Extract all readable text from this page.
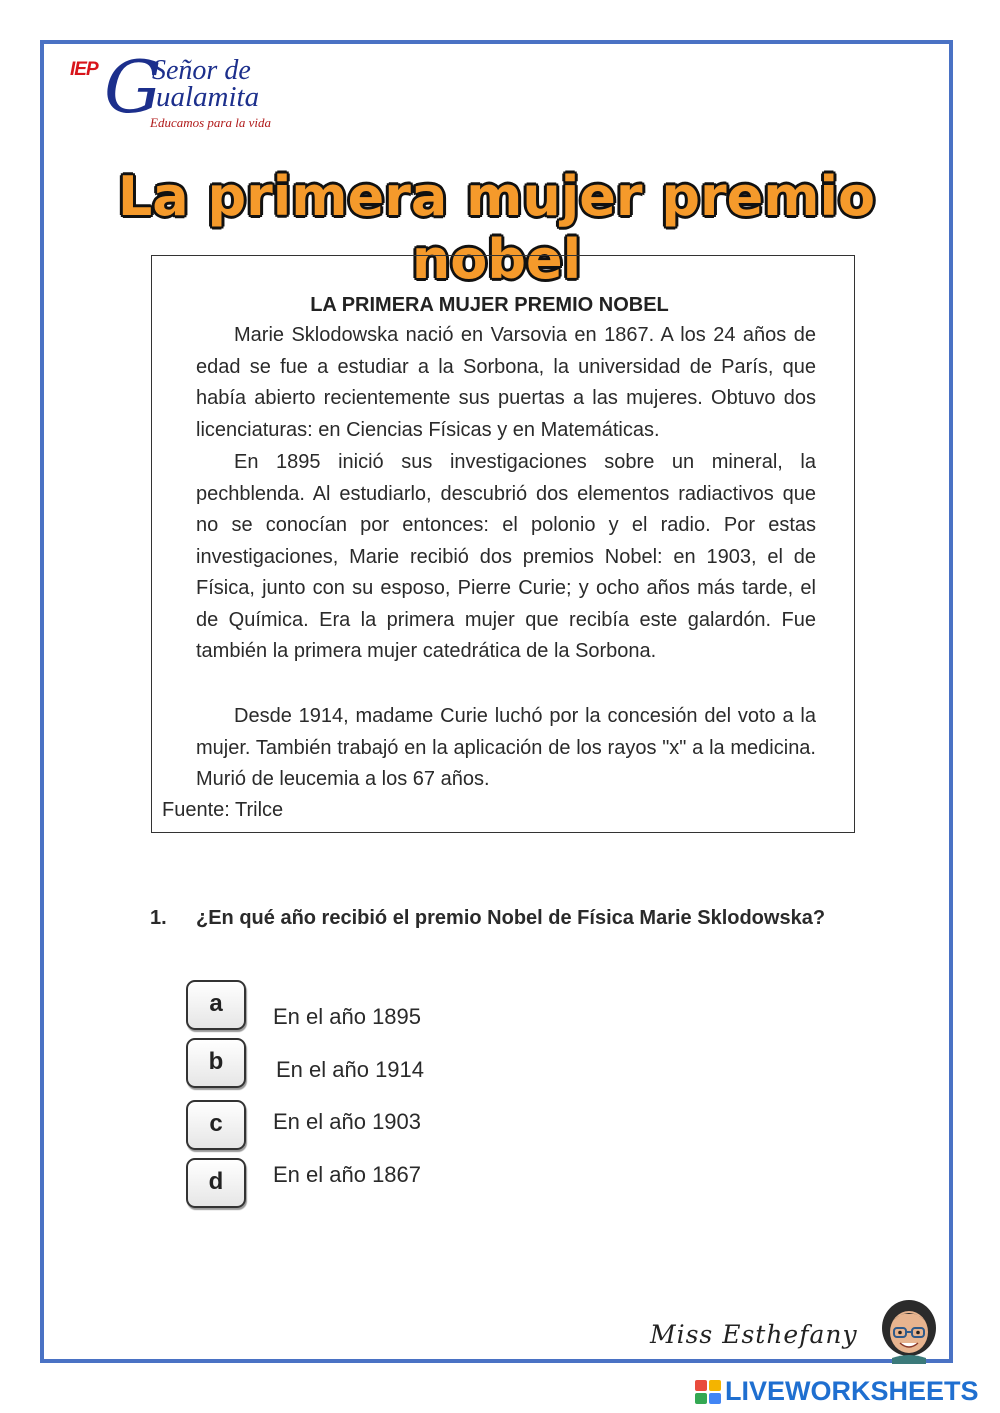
IEP G
Señor de
ualamita
Educamos para la vida
La primera mujer premio nobel
LA PRIMERA MUJER PREMIO NOBEL
Marie Sklodowska nació en Varsovia en 1867. A los 24 años de edad se fue a estudiar a la Sorbona, la universidad de París, que había abierto recientemente sus puertas a las mujeres. Obtuvo dos licenciaturas: en Ciencias Físicas y en Matemáticas.
En 1895 inició sus investigaciones sobre un mineral, la pechblenda. Al estudiarlo, descubrió dos elementos radiactivos que no se conocían por entonces: el polonio y el radio. Por estas investigaciones, Marie recibió dos premios Nobel: en 1903, el de Física, junto con su esposo, Pierre Curie; y ocho años más tarde, el de Química. Era la primera mujer que recibía este galardón. Fue también la primera mujer catedrática de la Sorbona.
Desde 1914, madame Curie luchó por la concesión del voto a la mujer. También trabajó en la aplicación de los rayos "x" a la medicina. Murió de leucemia a los 67 años.
Fuente: Trilce
1. ¿En qué año recibió el premio Nobel de Física Marie Sklodowska?
a	En el año 1895
b	En el año 1914
c	En el año 1903
d	En el año 1867
Miss Esthefany
LIVEWORKSHEETS
